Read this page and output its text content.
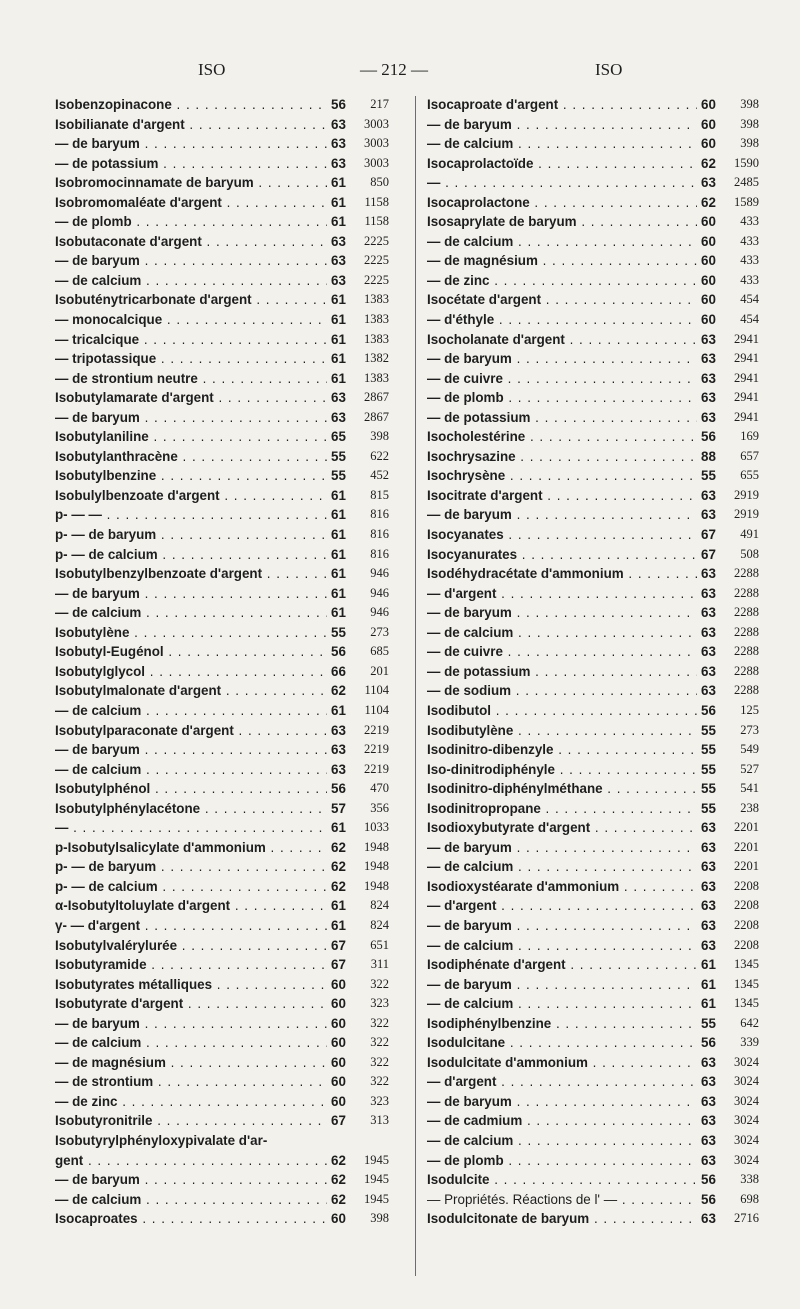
ISO	— 212 —	ISO
Isobenzopinacone . . .	56	217
Isobilianate d'argent . . .	63	3003
— de baryum . . .	63	3003
— de potassium . . .	63	3003
Isobromocinnamate de baryum . . .	61	850
Isobromomaléate d'argent . . .	61	1158
— de plomb . . .	61	1158
Isobutaconate d'argent . . .	63	2225
— de baryum . . .	63	2225
— de calcium . . .	63	2225
Isobuténytricarbonate d'argent . . .	61	1383
— monocalcique . . .	61	1383
— tricalcique . . .	61	1383
— tripotassique . . .	61	1382
— de strontium neutre . . .	61	1383
Isobutylamarate d'argent . . .	63	2867
— de baryum . . .	63	2867
Isobutylaniline . . .	65	398
Isobutylanthracène . . .	55	622
Isobutylbenzine . . .	55	452
Isobulylbenzoate d'argent . . .	61	815
p- — — . . .	61	816
p- — de baryum . . .	61	816
p- — de calcium . . .	61	816
Isobutylbenzylbenzoate d'argent . . .	61	946
— de baryum . . .	61	946
— de calcium . . .	61	946
Isobutylène . . .	55	273
Isobutyl-Eugénol . . .	56	685
Isobutylglycol . . .	66	201
Isobutylmalonate d'argent . . .	62	1104
— de calcium . . .	61	1104
Isobutylparaconate d'argent . . .	63	2219
— de baryum . . .	63	2219
— de calcium . . .	63	2219
Isobutylphénol . . .	56	470
Isobutylphénylacétone . . .	57	356
— . . .	61	1033
p-Isobutylsalicylate d'ammonium . . .	62	1948
p- — de baryum . . .	62	1948
p- — de calcium . . .	62	1948
α-Isobutyltoluylate d'argent . . .	61	824
γ- — d'argent . . .	61	824
Isobutylvalérylurée . . .	67	651
Isobutyramide . . .	67	311
Isobutyrates métalliques . . .	60	322
Isobutyrate d'argent . . .	60	323
— de baryum . . .	60	322
— de calcium . . .	60	322
— de magnésium . . .	60	322
— de strontium . . .	60	322
— de zinc . . .	60	323
Isobutyronitrile . . .	67	313
Isobutyrylphényloxypivalate d'ar-
gent . . .	62	1945
— de baryum . . .	62	1945
— de calcium . . .	62	1945
Isocaproates . . .	60	398
Isocaproate d'argent . . .	60	398
— de baryum . . .	60	398
— de calcium . . .	60	398
Isocaprolactoïde . . .	62	1590
— . . .	63	2485
Isocaprolactone . . .	62	1589
Isosaprylate de baryum . . .	60	433
— de calcium . . .	60	433
— de magnésium . . .	60	433
— de zinc . . .	60	433
Isocétate d'argent . . .	60	454
— d'éthyle . . .	60	454
Isocholanate d'argent . . .	63	2941
— de baryum . . .	63	2941
— de cuivre . . .	63	2941
— de plomb . . .	63	2941
— de potassium . . .	63	2941
Isocholestérine . . .	56	169
Isochrysazine . . .	88	657
Isochrysène . . .	55	655
Isocitrate d'argent . . .	63	2919
— de baryum . . .	63	2919
Isocyanates . . .	67	491
Isocyanurates . . .	67	508
Isodéhydracétate d'ammonium . . .	63	2288
— d'argent . . .	63	2288
— de baryum . . .	63	2288
— de calcium . . .	63	2288
— de cuivre . . .	63	2288
— de potassium . . .	63	2288
— de sodium . . .	63	2288
Isodibutol . . .	56	125
Isodibutylène . . .	55	273
Isodinitro-dibenzyle . . .	55	549
Iso-dinitrodiphényle . . .	55	527
Isodinitro-diphénylméthane . . .	55	541
Isodinitropropane . . .	55	238
Isodioxybutyrate d'argent . . .	63	2201
— de baryum . . .	63	2201
— de calcium . . .	63	2201
Isodioxystéarate d'ammonium . . .	63	2208
— d'argent . . .	63	2208
— de baryum . . .	63	2208
— de calcium . . .	63	2208
Isodiphénate d'argent . . .	61	1345
— de baryum . . .	61	1345
— de calcium . . .	61	1345
Isodiphénylbenzine . . .	55	642
Isodulcitane . . .	56	339
Isodulcitate d'ammonium . . .	63	3024
— d'argent . . .	63	3024
— de baryum . . .	63	3024
— de cadmium . . .	63	3024
— de calcium . . .	63	3024
— de plomb . . .	63	3024
Isodulcite . . .	56	338
— Propriétés. Réactions de l' — . . .	56	698
Isodulcitonate de baryum . . .	63	2716
